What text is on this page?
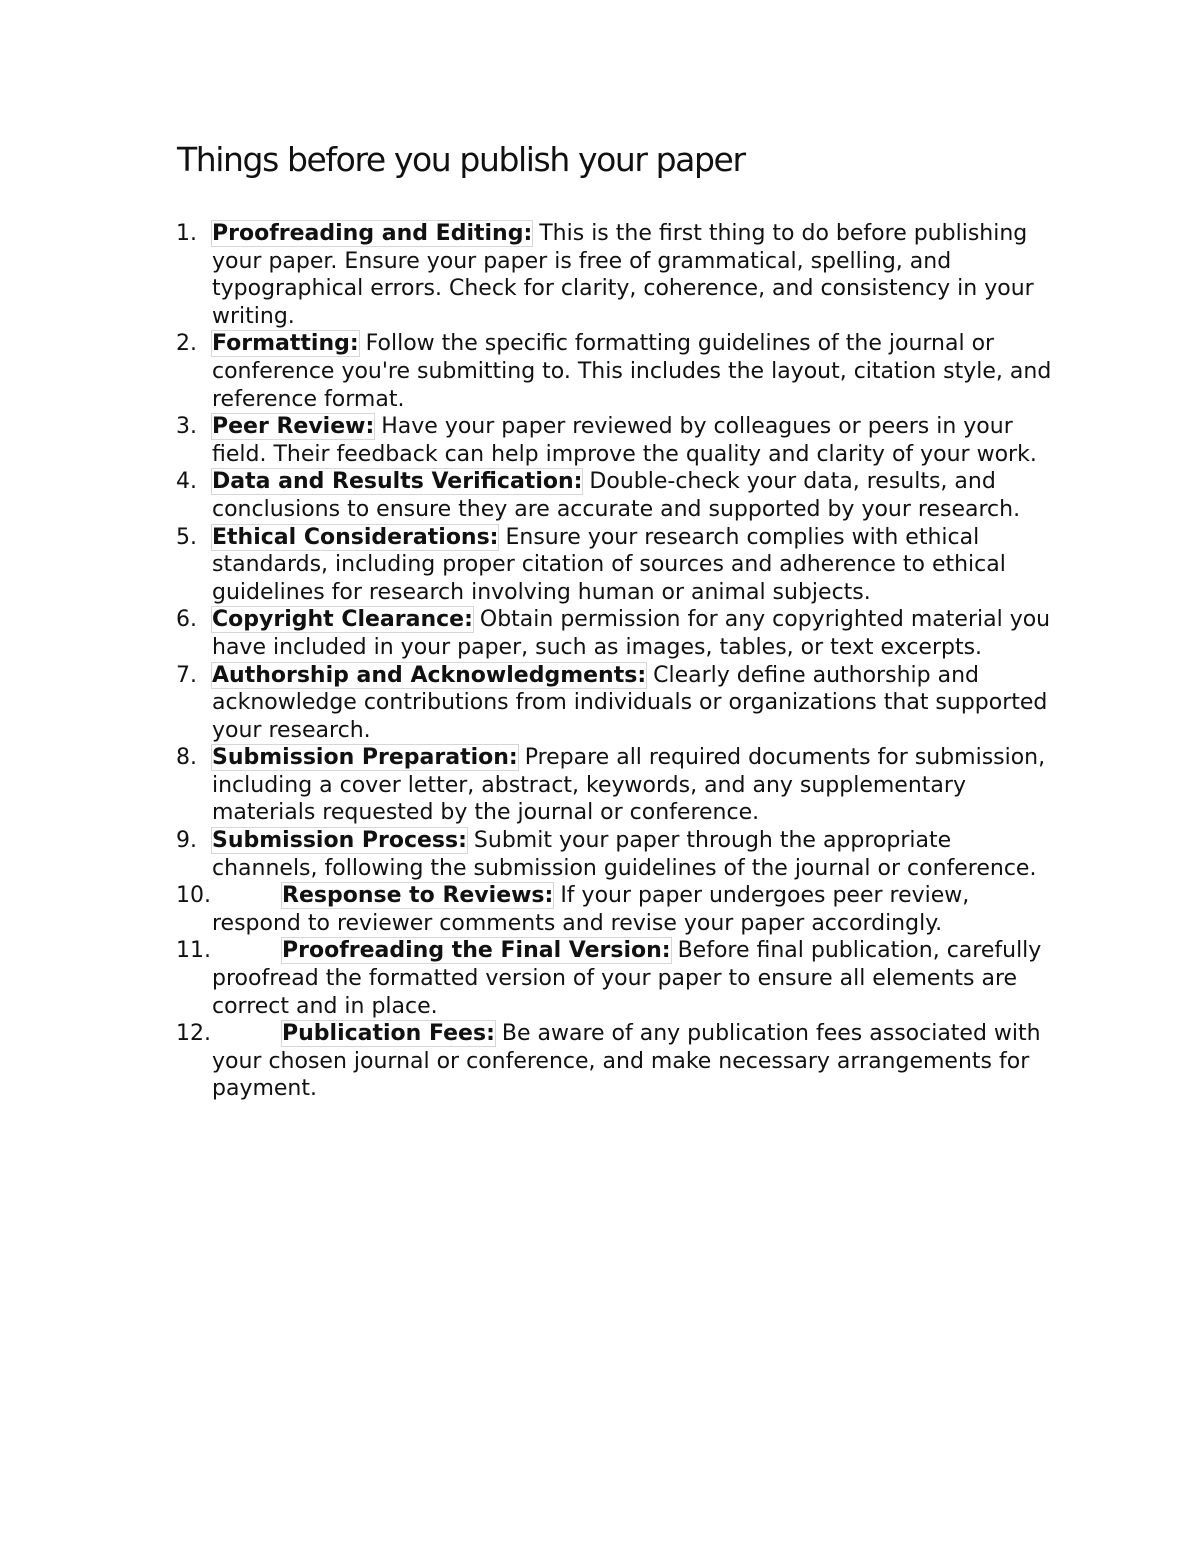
Things before you publish your paper
1. Proofreading and Editing: This is the first thing to do before publishing your paper. Ensure your paper is free of grammatical, spelling, and typographical errors. Check for clarity, coherence, and consistency in your writing.
2. Formatting: Follow the specific formatting guidelines of the journal or conference you're submitting to. This includes the layout, citation style, and reference format.
3. Peer Review: Have your paper reviewed by colleagues or peers in your field. Their feedback can help improve the quality and clarity of your work.
4. Data and Results Verification: Double-check your data, results, and conclusions to ensure they are accurate and supported by your research.
5. Ethical Considerations: Ensure your research complies with ethical standards, including proper citation of sources and adherence to ethical guidelines for research involving human or animal subjects.
6. Copyright Clearance: Obtain permission for any copyrighted material you have included in your paper, such as images, tables, or text excerpts.
7. Authorship and Acknowledgments: Clearly define authorship and acknowledge contributions from individuals or organizations that supported your research.
8. Submission Preparation: Prepare all required documents for submission, including a cover letter, abstract, keywords, and any supplementary materials requested by the journal or conference.
9. Submission Process: Submit your paper through the appropriate channels, following the submission guidelines of the journal or conference.
10.	Response to Reviews: If your paper undergoes peer review, respond to reviewer comments and revise your paper accordingly.
11.	Proofreading the Final Version: Before final publication, carefully proofread the formatted version of your paper to ensure all elements are correct and in place.
12.	Publication Fees: Be aware of any publication fees associated with your chosen journal or conference, and make necessary arrangements for payment.
